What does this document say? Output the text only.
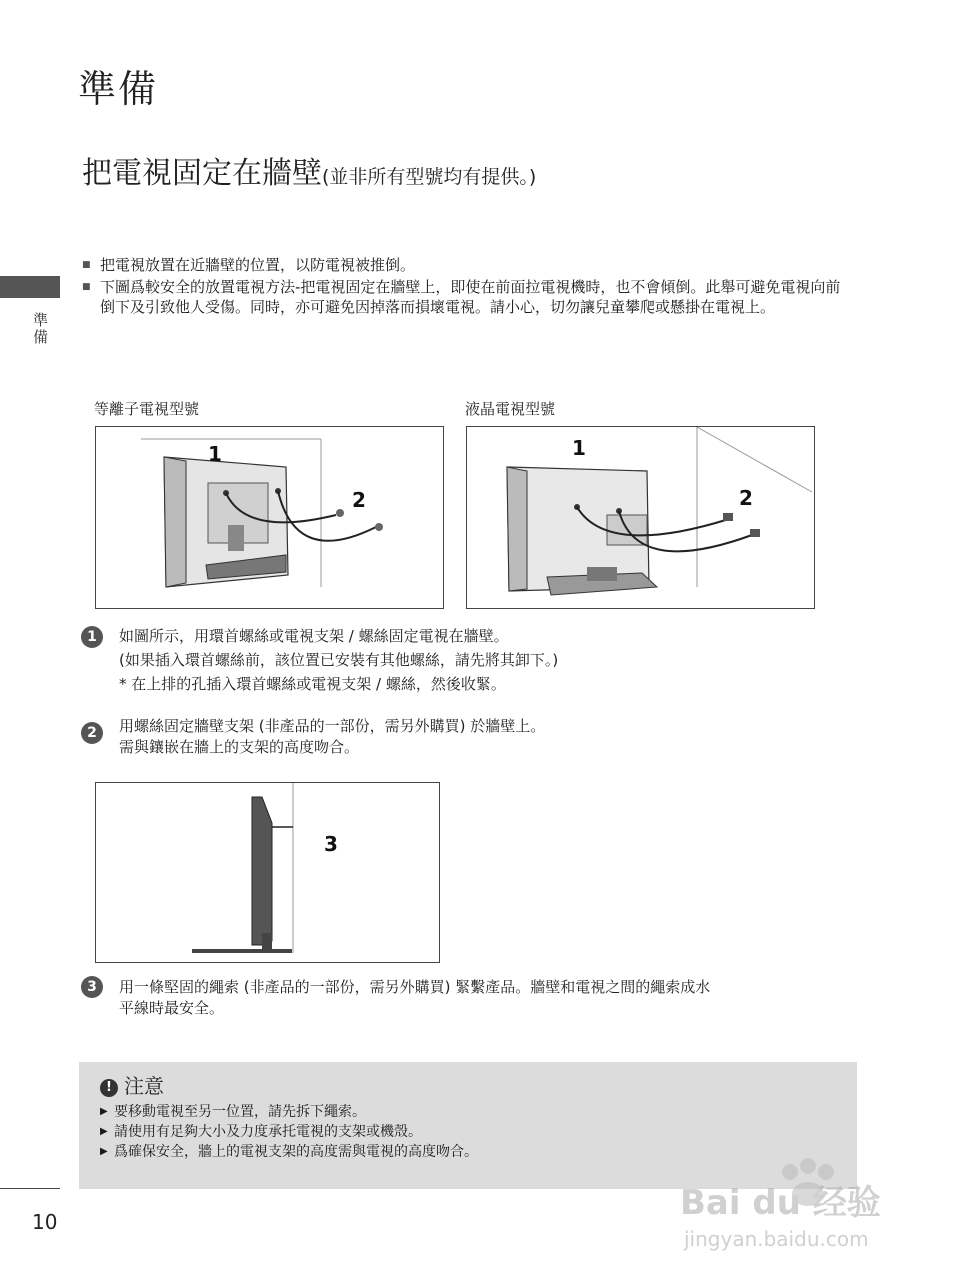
準備
把電視固定在牆壁(並非所有型號均有提供。)
準備
■ 把電視放置在近牆壁的位置，以防電視被推倒。
■ 下圖爲較安全的放置電視方法-把電視固定在牆壁上，即使在前面拉電視機時，也不會傾倒。此舉可避免電視向前倒下及引致他人受傷。同時，亦可避免因掉落而損壞電視。請小心，切勿讓兒童攀爬或懸掛在電視上。
等離子電視型號	液晶電視型號
1
2
1
2
1	如圖所示，用環首螺絲或電視支架 / 螺絲固定電視在牆壁。
(如果插入環首螺絲前，該位置已安裝有其他螺絲，請先將其卸下。)
* 在上排的孔插入環首螺絲或電視支架 / 螺絲，然後收緊。
2	用螺絲固定牆壁支架 (非產品的一部份，需另外購買) 於牆壁上。
需與鑲嵌在牆上的支架的高度吻合。
3
3	用一條堅固的繩索 (非產品的一部份，需另外購買) 緊繫產品。牆壁和電視之間的繩索成水
平線時最安全。
! 注意
▶ 要移動電視至另一位置，請先拆下繩索。
▶ 請使用有足夠大小及力度承托電視的支架或機殼。
▶ 爲確保安全，牆上的電視支架的高度需與電視的高度吻合。
10	Bai du 经验
jingyan.baidu.com
